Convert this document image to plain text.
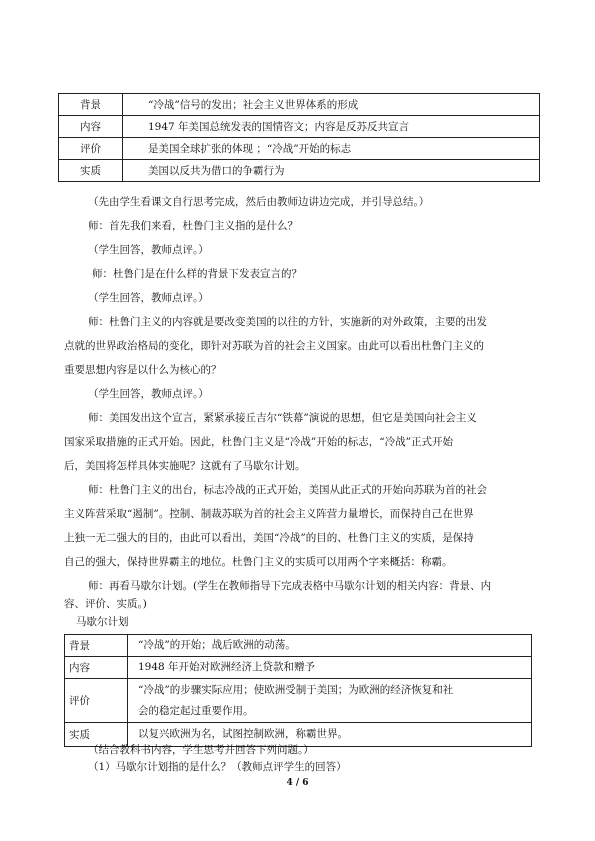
背景	“冷战”信号的发出；社会主义世界体系的形成
内容	1947 年美国总统发表的国情咨文；内容是反苏反共宣言
评价	是美国全球扩张的体现 ；“冷战”开始的标志
实质	美国以反共为借口的争霸行为
（先由学生看课文自行思考完成，然后由教师边讲边完成，并引导总结。）
师：首先我们来看，杜鲁门主义指的是什么？
（学生回答，教师点评。）
师：杜鲁门是在什么样的背景下发表宣言的？
（学生回答，教师点评。）
师：杜鲁门主义的内容就是要改变美国的以往的方针，实施新的对外政策，主要的出发
点就的世界政治格局的变化，即针对苏联为首的社会主义国家。由此可以看出杜鲁门主义的
重要思想内容是以什么为核心的？
（学生回答，教师点评。）
师：美国发出这个宣言，紧紧承接丘吉尔“铁幕”演说的思想，但它是美国向社会主义
国家采取措施的正式开始。因此，杜鲁门主义是“冷战”开始的标志，“冷战”正式开始
后，美国将怎样具体实施呢？这就有了马歇尔计划。
师：杜鲁门主义的出台，标志冷战的正式开始，美国从此正式的开始向苏联为首的社会
主义阵营采取“遏制”。控制、制裁苏联为首的社会主义阵营力量增长，而保持自己在世界
上独一无二强大的目的，由此可以看出，美国“冷战”的目的、杜鲁门主义的实质，是保持
自己的强大，保持世界霸主的地位。杜鲁门主义的实质可以用两个字来概括：称霸。
师：再看马歇尔计划。(学生在教师指导下完成表格中马歇尔计划的相关内容：背景、内
容、评价、实质。)
马歇尔计划
背景	“冷战”的开始；战后欧洲的动荡。
内容	1948 年开始对欧洲经济上贷款和赠予
评价	“冷战”的步骤实际应用；使欧洲受制于美国；为欧洲的经济恢复和社
会的稳定起过重要作用。

实质	以复兴欧洲为名，试图控制欧洲，称霸世界。
（结合教科书内容，学生思考并回答下列问题。）
（1）马歇尔计划指的是什么？（教师点评学生的回答）
4 / 6
